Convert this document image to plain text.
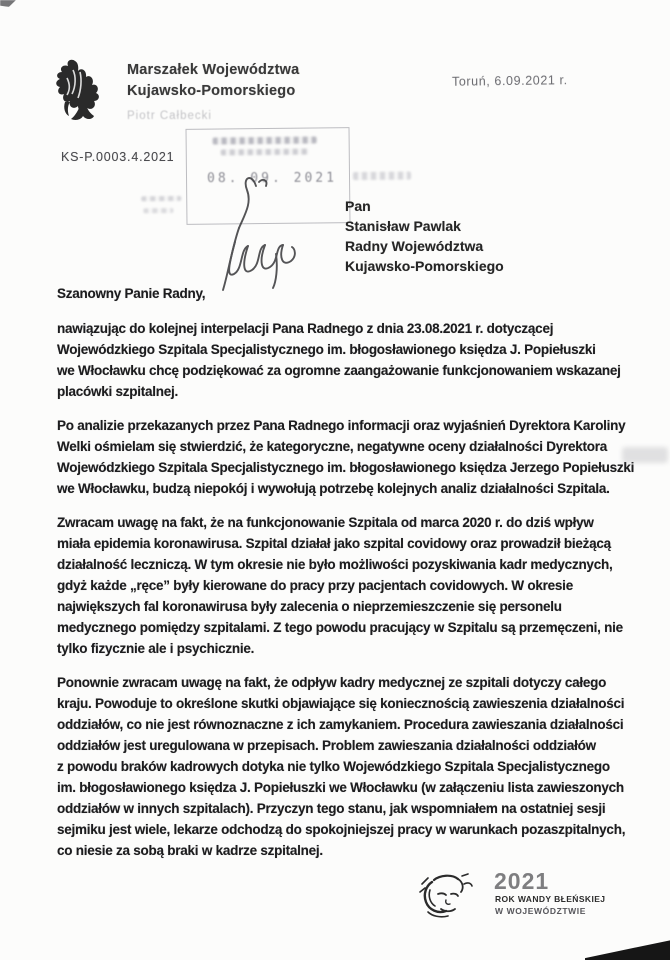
Marszałek Województwa
Kujawsko-Pomorskiego
Piotr Całbecki
Toruń, 6.09.2021 r.
KS-P.0003.4.2021
08. 09. 2021
Pan
Stanisław Pawlak
Radny Województwa
Kujawsko-Pomorskiego
Szanowny Panie Radny,
nawiązując do kolejnej interpelacji Pana Radnego z dnia 23.08.2021 r. dotyczącej
Wojewódzkiego Szpitala Specjalistycznego im. błogosławionego księdza J. Popiełuszki
we Włocławku chcę podziękować za ogromne zaangażowanie funkcjonowaniem wskazanej
placówki szpitalnej.
Po analizie przekazanych przez Pana Radnego informacji oraz wyjaśnień Dyrektora Karoliny
Welki ośmielam się stwierdzić, że kategoryczne, negatywne oceny działalności Dyrektora
Wojewódzkiego Szpitala Specjalistycznego im. błogosławionego księdza Jerzego Popiełuszki
we Włocławku, budzą niepokój i wywołują potrzebę kolejnych analiz działalności Szpitala.
Zwracam uwagę na fakt, że na funkcjonowanie Szpitala od marca 2020 r. do dziś wpływ
miała epidemia koronawirusa. Szpital działał jako szpital covidowy oraz prowadził bieżącą
działalność leczniczą. W tym okresie nie było możliwości pozyskiwania kadr medycznych,
gdyż każde „ręce” były kierowane do pracy przy pacjentach covidowych. W okresie
największych fal koronawirusa były zalecenia o nieprzemieszczenie się personelu
medycznego pomiędzy szpitalami. Z tego powodu pracujący w Szpitalu są przemęczeni, nie
tylko fizycznie ale i psychicznie.
Ponownie zwracam uwagę na fakt, że odpływ kadry medycznej ze szpitali dotyczy całego
kraju. Powoduje to określone skutki objawiające się koniecznością zawieszenia działalności
oddziałów, co nie jest równoznaczne z ich zamykaniem. Procedura zawieszania działalności
oddziałów jest uregulowana w przepisach. Problem zawieszania działalności oddziałów
z powodu braków kadrowych dotyka nie tylko Wojewódzkiego Szpitala Specjalistycznego
im. błogosławionego księdza J. Popiełuszki we Włocławku (w załączeniu lista zawieszonych
oddziałów w innych szpitalach). Przyczyn tego stanu, jak wspomniałem na ostatniej sesji
sejmiku jest wiele, lekarze odchodzą do spokojniejszej pracy w warunkach pozaszpitalnych,
co niesie za sobą braki w kadrze szpitalnej.
2021
ROK WANDY BŁEŃSKIEJ
W WOJEWÓDZTWIE
